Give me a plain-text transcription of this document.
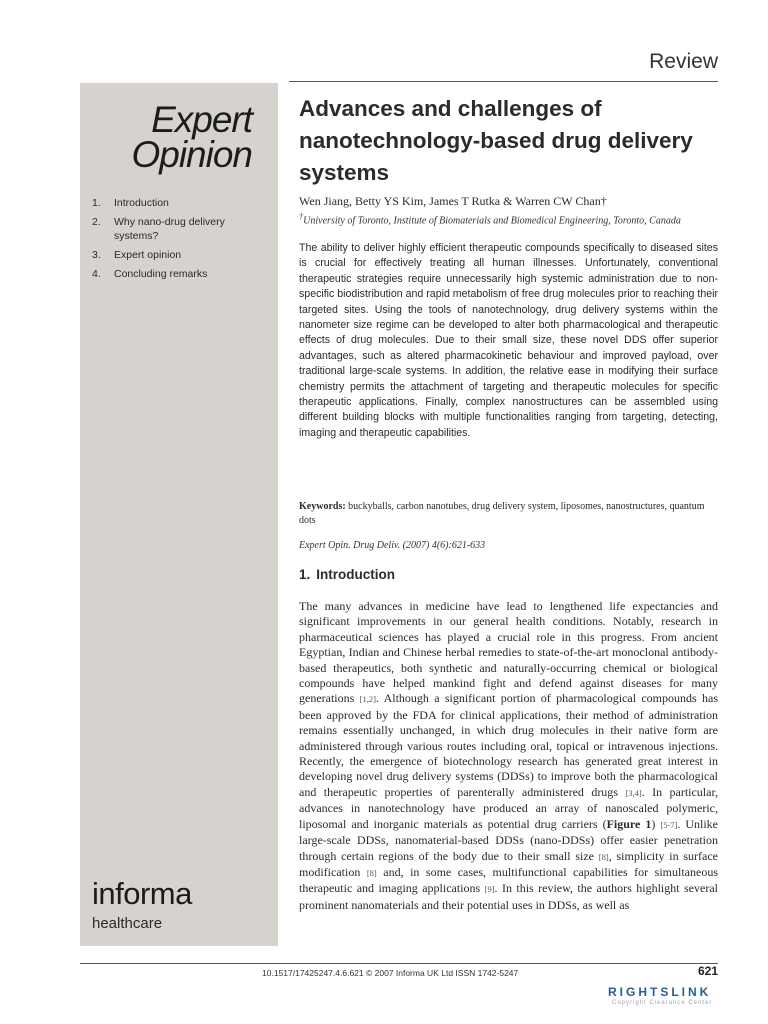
Review
Expert
Opinion
1.	Introduction
2.	Why nano-drug delivery systems?
3.	Expert opinion
4.	Concluding remarks
informa
healthcare
Advances and challenges of nanotechnology-based drug delivery systems
Wen Jiang, Betty YS Kim, James T Rutka & Warren CW Chan†
†University of Toronto, Institute of Biomaterials and Biomedical Engineering, Toronto, Canada

The ability to deliver highly efficient therapeutic compounds specifically to diseased sites is crucial for effectively treating all human illnesses. Unfortunately, conventional therapeutic strategies require unnecessarily high systemic administration due to non-specific biodistribution and rapid metabolism of free drug molecules prior to reaching their targeted sites. Using the tools of nanotechnology, drug delivery systems within the nanometer size regime can be developed to alter both pharmacological and therapeutic effects of drug molecules. Due to their small size, these novel DDS offer superior advantages, such as altered pharmacokinetic behaviour and improved payload, over traditional large-scale systems. In addition, the relative ease in modifying their surface chemistry permits the attachment of targeting and therapeutic molecules for specific therapeutic applications. Finally, complex nanostructures can be assembled using different building blocks with multiple functionalities ranging from targeting, detecting, imaging and therapeutic capabilities.

Keywords: buckyballs, carbon nanotubes, drug delivery system, liposomes, nanostructures, quantum dots
Expert Opin. Drug Deliv. (2007) 4(6):621-633
1. Introduction

The many advances in medicine have lead to lengthened life expectancies and significant improvements in our general health conditions. Notably, research in pharmaceutical sciences has played a crucial role in this progress. From ancient Egyptian, Indian and Chinese herbal remedies to state-of-the-art monoclonal antibody-based therapeutics, both synthetic and naturally-occurring chemical or biological compounds have helped mankind fight and defend against diseases for many generations [1,2]. Although a significant portion of pharmacological compounds has been approved by the FDA for clinical applications, their method of administration remains essentially unchanged, in which drug molecules in their native form are administered through various routes including oral, topical or intravenous injections. Recently, the emergence of biotechnology research has generated great interest in developing novel drug delivery systems (DDSs) to improve both the pharmacological and therapeutic properties of parenterally administered drugs [3,4]. In particular, advances in nanotechnology have produced an array of nanoscaled polymeric, liposomal and inorganic materials as potential drug carriers (Figure 1) [5-7]. Unlike large-scale DDSs, nanomaterial-based DDSs (nano-DDSs) offer easier penetration through certain regions of the body due to their small size [8], simplicity in surface modification [8] and, in some cases, multifunctional capabilities for simultaneous therapeutic and imaging applications [9]. In this review, the authors highlight several prominent nanomaterials and their potential uses in DDSs, as well as

10.1517/17425247.4.6.621 © 2007 Informa UK Ltd ISSN 1742-5247	621
RIGHTSLINK
Copyright Clearance Center
